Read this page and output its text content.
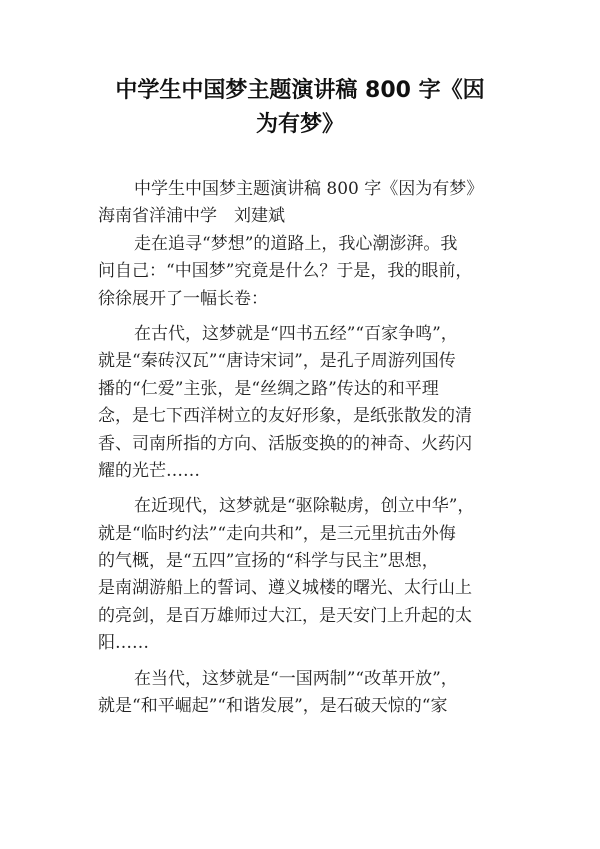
中学生中国梦主题演讲稿 800 字《因
为有梦》
中学生中国梦主题演讲稿 800 字《因为有梦》
海南省洋浦中学　刘建斌
走在追寻“梦想”的道路上，我心潮澎湃。我
问自己：“中国梦”究竟是什么？于是，我的眼前，
徐徐展开了一幅长卷：
在古代，这梦就是“四书五经”“百家争鸣”，
就是“秦砖汉瓦”“唐诗宋词”，是孔子周游列国传
播的“仁爱”主张，是“丝绸之路”传达的和平理
念，是七下西洋树立的友好形象，是纸张散发的清
香、司南所指的方向、活版变换的的神奇、火药闪
耀的光芒……
在近现代，这梦就是“驱除鞑虏，创立中华”，
就是“临时约法”“走向共和”，是三元里抗击外侮
的气概，是“五四”宣扬的“科学与民主”思想，
是南湖游船上的誓词、遵义城楼的曙光、太行山上
的亮剑，是百万雄师过大江，是天安门上升起的太
阳……
在当代，这梦就是“一国两制”“改革开放”，
就是“和平崛起”“和谐发展”，是石破天惊的“家
